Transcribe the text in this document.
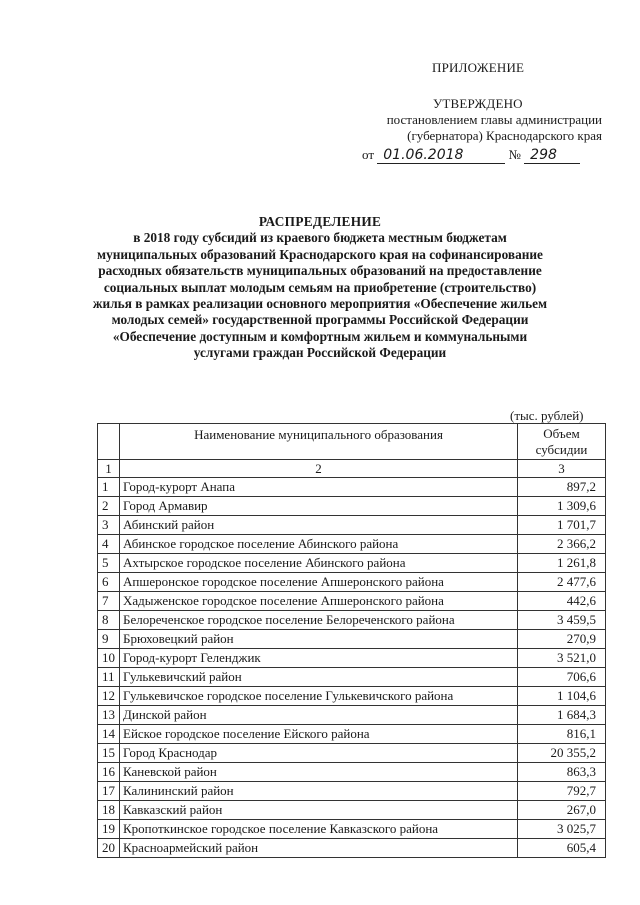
ПРИЛОЖЕНИЕ
УТВЕРЖДЕНО
постановлением главы администрации
(губернатора) Краснодарского края
от 01.06.2018	№ 298
РАСПРЕДЕЛЕНИЕ
в 2018 году субсидий из краевого бюджета местным бюджетам
муниципальных образований Краснодарского края на софинансирование
расходных обязательств муниципальных образований на предоставление
социальных выплат молодым семьям на приобретение (строительство)
жилья в рамках реализации основного мероприятия «Обеспечение жильем
молодых семей» государственной программы Российской Федерации
«Обеспечение доступным и комфортным жильем и коммунальными
услугами граждан Российской Федерации
(тыс. рублей)
	Наименование муниципального образования	Объем
субсидии

1	2	3
1	Город-курорт Анапа	897,2
2	Город Армавир	1 309,6
3	Абинский район	1 701,7
4	Абинское городское поселение Абинского района	2 366,2
5	Ахтырское городское поселение Абинского района	1 261,8
6	Апшеронское городское поселение Апшеронского района	2 477,6
7	Хадыженское городское поселение Апшеронского района	442,6
8	Белореченское городское поселение Белореченского района	3 459,5
9	Брюховецкий район	270,9
10	Город-курорт Геленджик	3 521,0
11	Гулькевичский район	706,6
12	Гулькевичское городское поселение Гулькевичского района	1 104,6
13	Динской район	1 684,3
14	Ейское городское поселение Ейского района	816,1
15	Город Краснодар	20 355,2
16	Каневской район	863,3
17	Калининский район	792,7
18	Кавказский район	267,0
19	Кропоткинское городское поселение Кавказского района	3 025,7
20	Красноармейский район	605,4
